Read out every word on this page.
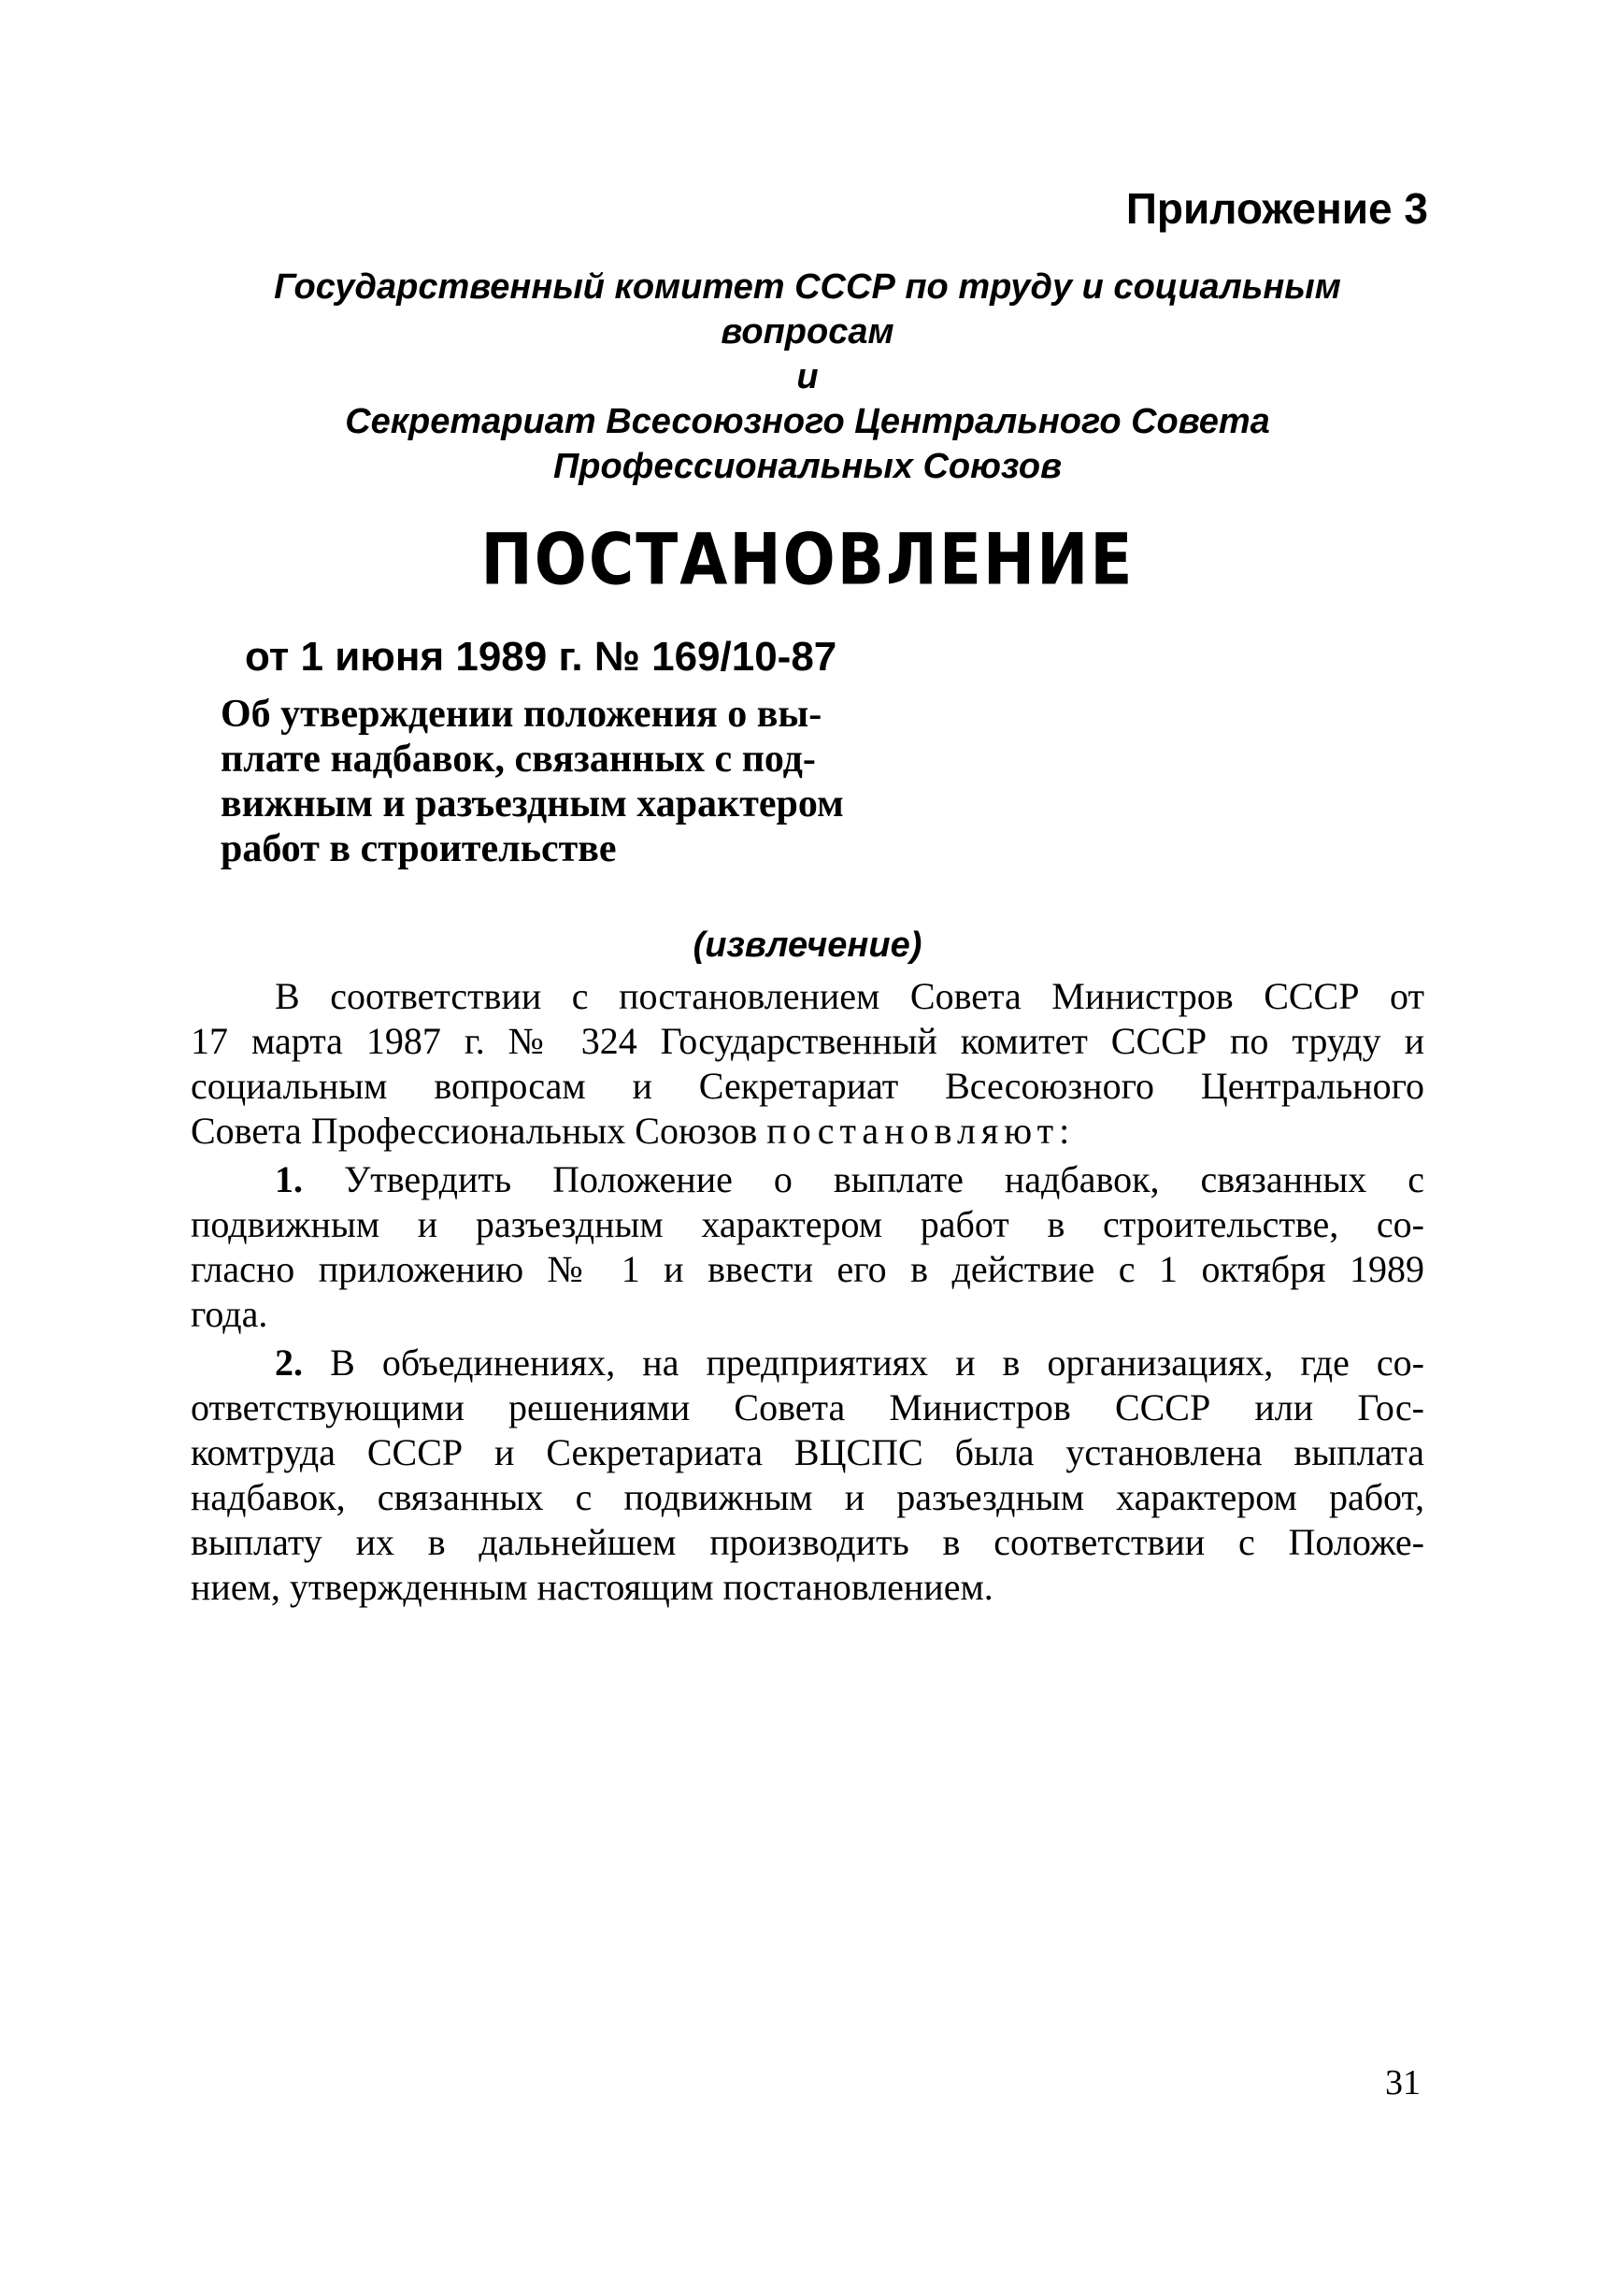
Приложение 3
Государственный комитет СССР по труду и социальным
вопросам
и
Секретариат Всесоюзного Центрального Совета
Профессиональных Союзов
ПОСТАНОВЛЕНИЕ
от 1 июня 1989 г. № 169/10-87
Об утверждении положения о вы-
плате надбавок, связанных с под-
вижным и разъездным характером
работ в строительстве
(извлечение)
В соответствии с постановлением Совета Министров СССР от
17 марта 1987 г. № 324 Государственный комитет СССР по труду и
социальным вопросам и Секретариат Всесоюзного Центрального
Совета Профессиональных Союзов постановляют:
1. Утвердить Положение о выплате надбавок, связанных с
подвижным и разъездным характером работ в строительстве, со-
гласно приложению № 1 и ввести его в действие с 1 октября 1989
года.
2. В объединениях, на предприятиях и в организациях, где со-
ответствующими решениями Совета Министров СССР или Гос-
комтруда СССР и Секретариата ВЦСПС была установлена выплата
надбавок, связанных с подвижным и разъездным характером работ,
выплату их в дальнейшем производить в соответствии с Положе-
нием, утвержденным настоящим постановлением.
31
